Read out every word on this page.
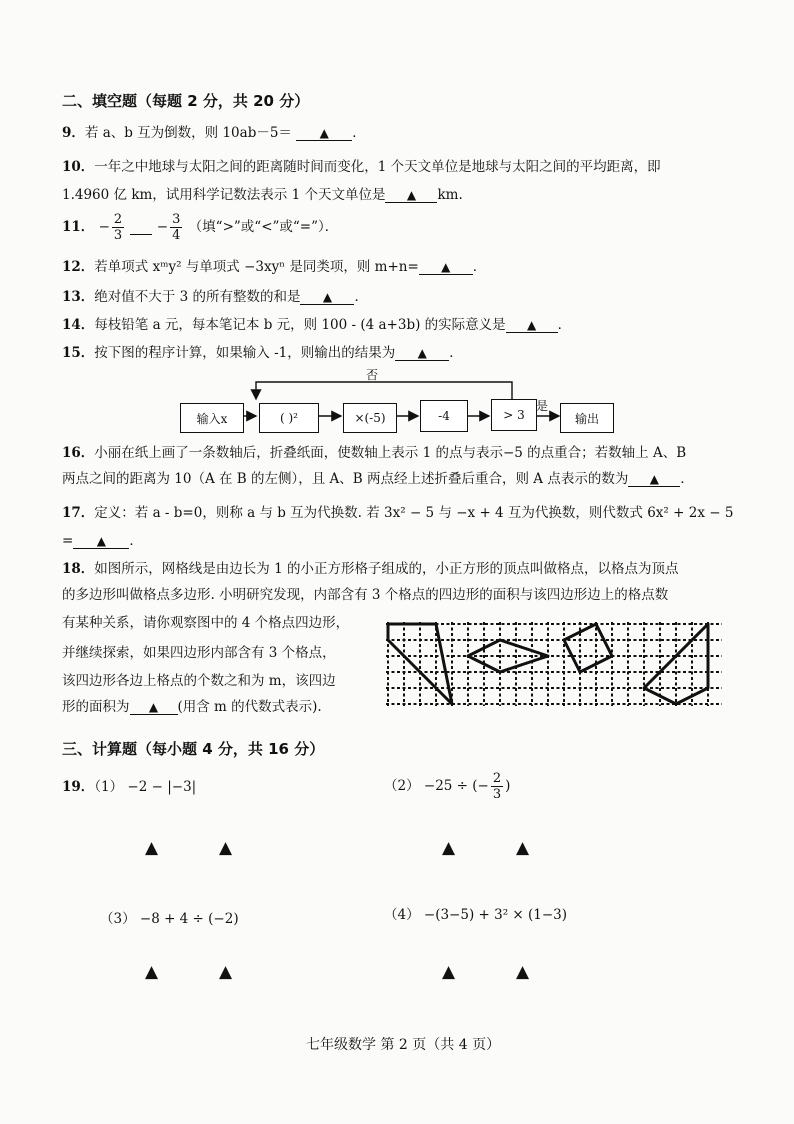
二、填空题（每题 2 分，共 20 分）
9．若 a、b 互为倒数，则 10ab－5＝ ▲ ．
10．一年之中地球与太阳之间的距离随时间而变化，1 个天文单位是地球与太阳之间的平均距离，即
1.4960 亿 km，试用科学记数法表示 1 个天文单位是 ▲ km.
11． − $\frac{2}{3} - \frac{3}{4}$ （填“>”或“<”或“=”）．
12．若单项式 xᵐy² 与单项式 −3xyⁿ 是同类项，则 m+n= ▲ ．
13．绝对值不大于 3 的所有整数的和是 ▲ ．
14．每枝铅笔 a 元，每本笔记本 b 元，则 100 - (4 a+3b) 的实际意义是 ▲ ．
15．按下图的程序计算，如果输入 -1，则输出的结果为 ▲ ．
输入x	( )²	×(-5)	-4	> 3	输出
是
否
16．小丽在纸上画了一条数轴后，折叠纸面，使数轴上表示 1 的点与表示−5 的点重合；若数轴上 A、B
两点之间的距离为 10（A 在 B 的左侧），且 A、B 两点经上述折叠后重合，则 A 点表示的数为 ▲ ．
17．定义：若 a - b=0，则称 a 与 b 互为代换数. 若 3x² − 5 与 −x + 4 互为代换数，则代数式 6x² + 2x − 5
= ▲ ．
18．如图所示，网格线是由边长为 1 的小正方形格子组成的，小正方形的顶点叫做格点，以格点为顶点
的多边形叫做格点多边形. 小明研究发现，内部含有 3 个格点的四边形的面积与该四边形边上的格点数
有某种关系，请你观察图中的 4 个格点四边形，
并继续探索，如果四边形内部含有 3 个格点，
该四边形各边上格点的个数之和为 m，该四边
形的面积为 ▲ (用含 m 的代数式表示).
三、计算题（每小题 4 分，共 16 分）
19．（1） −2 − |−3|	（2） −25 ÷ (− $\frac{2}{3}$ )
▲	▲	▲	▲
（3） −8 + 4 ÷ (−2)	（4） −(3−5) + 3² × (1−3)
▲	▲	▲	▲
七年级数学 第 2 页（共 4 页）
